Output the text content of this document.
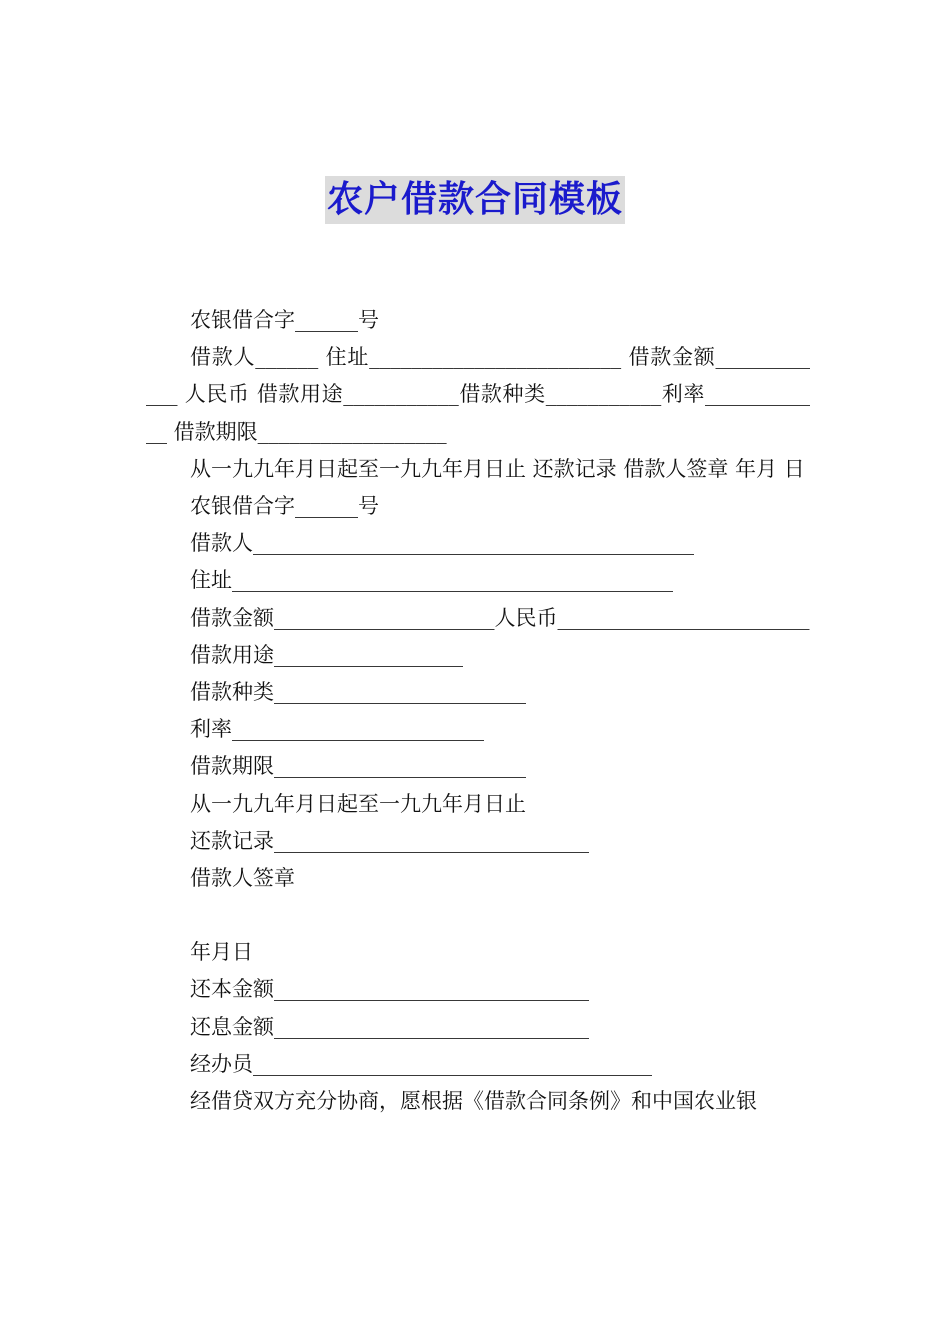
农户借款合同模板

农银借合字______号

借款人______ 住址________________________ 借款金额____________ 人民币 借款用途___________借款种类___________利率____________ 借款期限__________________

从一九九年月日起至一九九年月日止 还款记录 借款人签章 年月 日

农银借合字______号

借款人__________________________________________

住址__________________________________________

借款金额_____________________人民币________________________

借款用途__________________

借款种类________________________

利率________________________

借款期限________________________

从一九九年月日起至一九九年月日止

还款记录______________________________

借款人签章

年月日

还本金额______________________________

还息金额______________________________

经办员______________________________________

经借贷双方充分协商，愿根据《借款合同条例》和中国农业银
